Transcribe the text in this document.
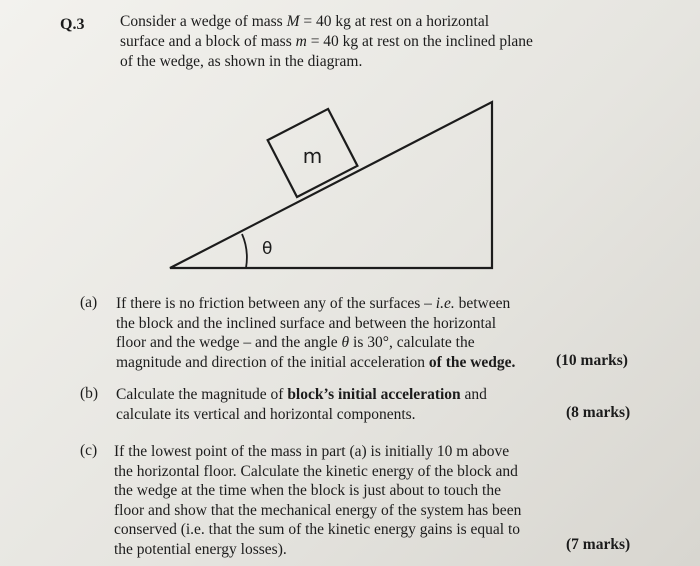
Q.3 Consider a wedge of mass M = 40 kg at rest on a horizontal
surface and a block of mass m = 40 kg at rest on the inclined plane
of the wedge, as shown in the diagram.
m
θ
(a) If there is no friction between any of the surfaces – i.e. between
the block and the inclined surface and between the horizontal
floor and the wedge – and the angle θ is 30°, calculate the
magnitude and direction of the initial acceleration of the wedge.	(10 marks)
(b) Calculate the magnitude of block’s initial acceleration and
calculate its vertical and horizontal components.	(8 marks)
(c) If the lowest point of the mass in part (a) is initially 10 m above
the horizontal floor. Calculate the kinetic energy of the block and
the wedge at the time when the block is just about to touch the
floor and show that the mechanical energy of the system has been
conserved (i.e. that the sum of the kinetic energy gains is equal to
the potential energy losses).	(7 marks)
